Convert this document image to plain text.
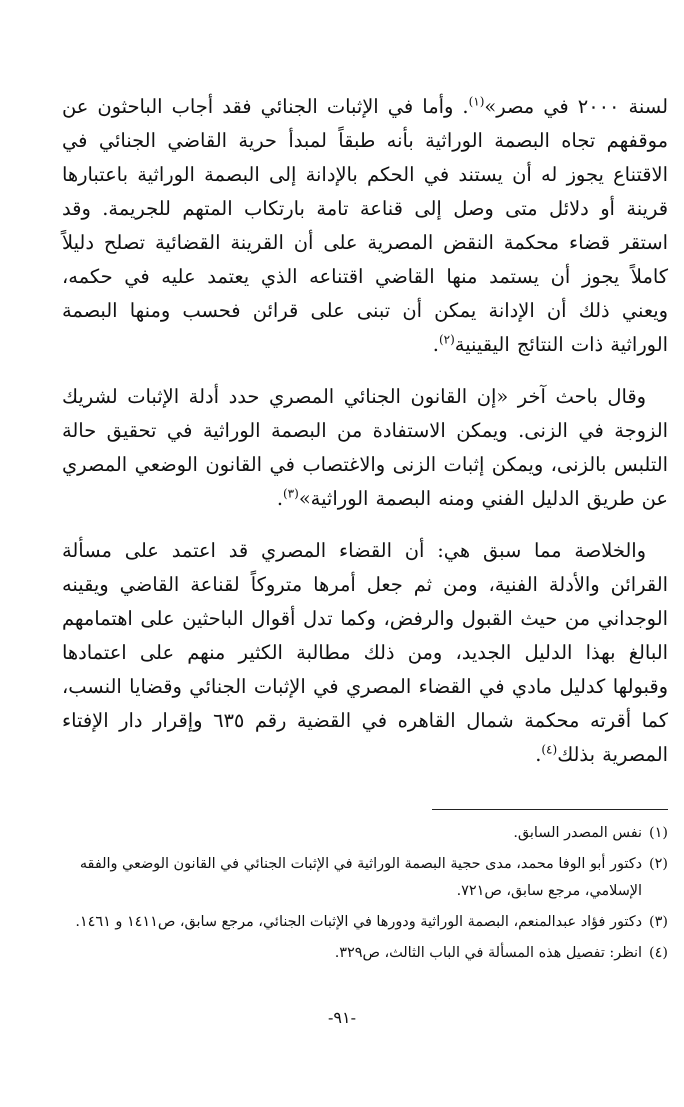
لسنة ٢٠٠٠ في مصر»$^{(١)}$. وأما في الإثبات الجنائي فقد أجاب الباحثون عن موقفهم تجاه البصمة الوراثية بأنه طبقاً لمبدأ حرية القاضي الجنائي في الاقتناع يجوز له أن يستند في الحكم بالإدانة إلى البصمة الوراثية باعتبارها قرينة أو دلائل متى وصل إلى قناعة تامة بارتكاب المتهم للجريمة. وقد استقر قضاء محكمة النقض المصرية على أن القرينة القضائية تصلح دليلاً كاملاً يجوز أن يستمد منها القاضي اقتناعه الذي يعتمد عليه في حكمه، ويعني ذلك أن الإدانة يمكن أن تبنى على قرائن فحسب ومنها البصمة الوراثية ذات النتائج اليقينية$^{(٢)}$.

وقال باحث آخر «إن القانون الجنائي المصري حدد أدلة الإثبات لشريك الزوجة في الزنى. ويمكن الاستفادة من البصمة الوراثية في تحقيق حالة التلبس بالزنى، ويمكن إثبات الزنى والاغتصاب في القانون الوضعي المصري عن طريق الدليل الفني ومنه البصمة الوراثية»$^{(٣)}$.

والخلاصة مما سبق هي: أن القضاء المصري قد اعتمد على مسألة القرائن والأدلة الفنية، ومن ثم جعل أمرها متروكاً لقناعة القاضي ويقينه الوجداني من حيث القبول والرفض، وكما تدل أقوال الباحثين على اهتمامهم البالغ بهذا الدليل الجديد، ومن ذلك مطالبة الكثير منهم على اعتمادها وقبولها كدليل مادي في القضاء المصري في الإثبات الجنائي وقضايا النسب، كما أقرته محكمة شمال القاهره في القضية رقم ٦٣٥ وإقرار دار الإفتاء المصرية بذلك$^{(٤)}$.

(١)
نفس المصدر السابق.
(٢)
دكتور أبو الوفا محمد، مدى حجية البصمة الوراثية في الإثبات الجنائي في القانون الوضعي والفقه الإسلامي، مرجع سابق، ص٧٢١.
(٣)
دكتور فؤاد عبدالمنعم، البصمة الوراثية ودورها في الإثبات الجنائي، مرجع سابق، ص١٤١١ و ١٤٦١.
(٤)
انظر: تفصيل هذه المسألة في الباب الثالث، ص٣٢٩.
-٩١-
